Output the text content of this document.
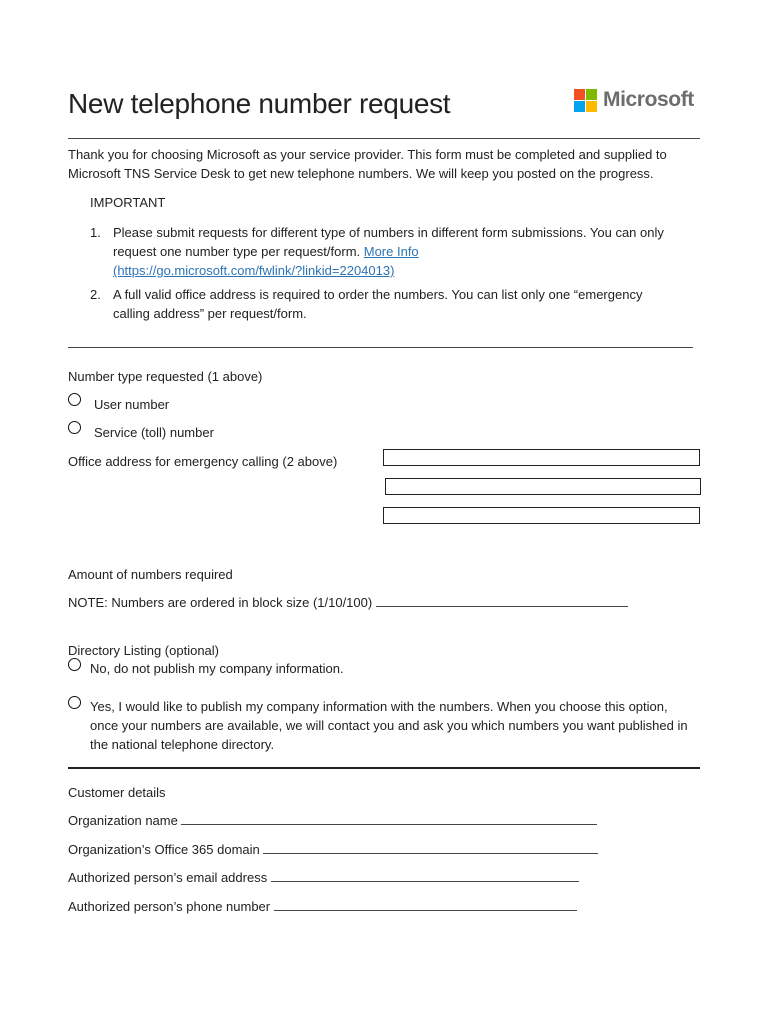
New telephone number request	Microsoft
Thank you for choosing Microsoft as your service provider. This form must be completed and supplied to Microsoft TNS Service Desk to get new telephone numbers. We will keep you posted on the progress.
IMPORTANT
1. Please submit requests for different type of numbers in different form submissions. You can only request one number type per request/form. More Info
(https://go.microsoft.com/fwlink/?linkid=2204013)
2. A full valid office address is required to order the numbers. You can list only one “emergency calling address” per request/form.
Number type requested (1 above)
User number
Service (toll) number
Office address for emergency calling (2 above)
Amount of numbers required
NOTE: Numbers are ordered in block size (1/10/100)
Directory Listing (optional)
No, do not publish my company information.
Yes, I would like to publish my company information with the numbers. When you choose this option, once your numbers are available, we will contact you and ask you which numbers you want published in the national telephone directory.
Customer details
Organization name
Organization’s Office 365 domain
Authorized person’s email address
Authorized person’s phone number
